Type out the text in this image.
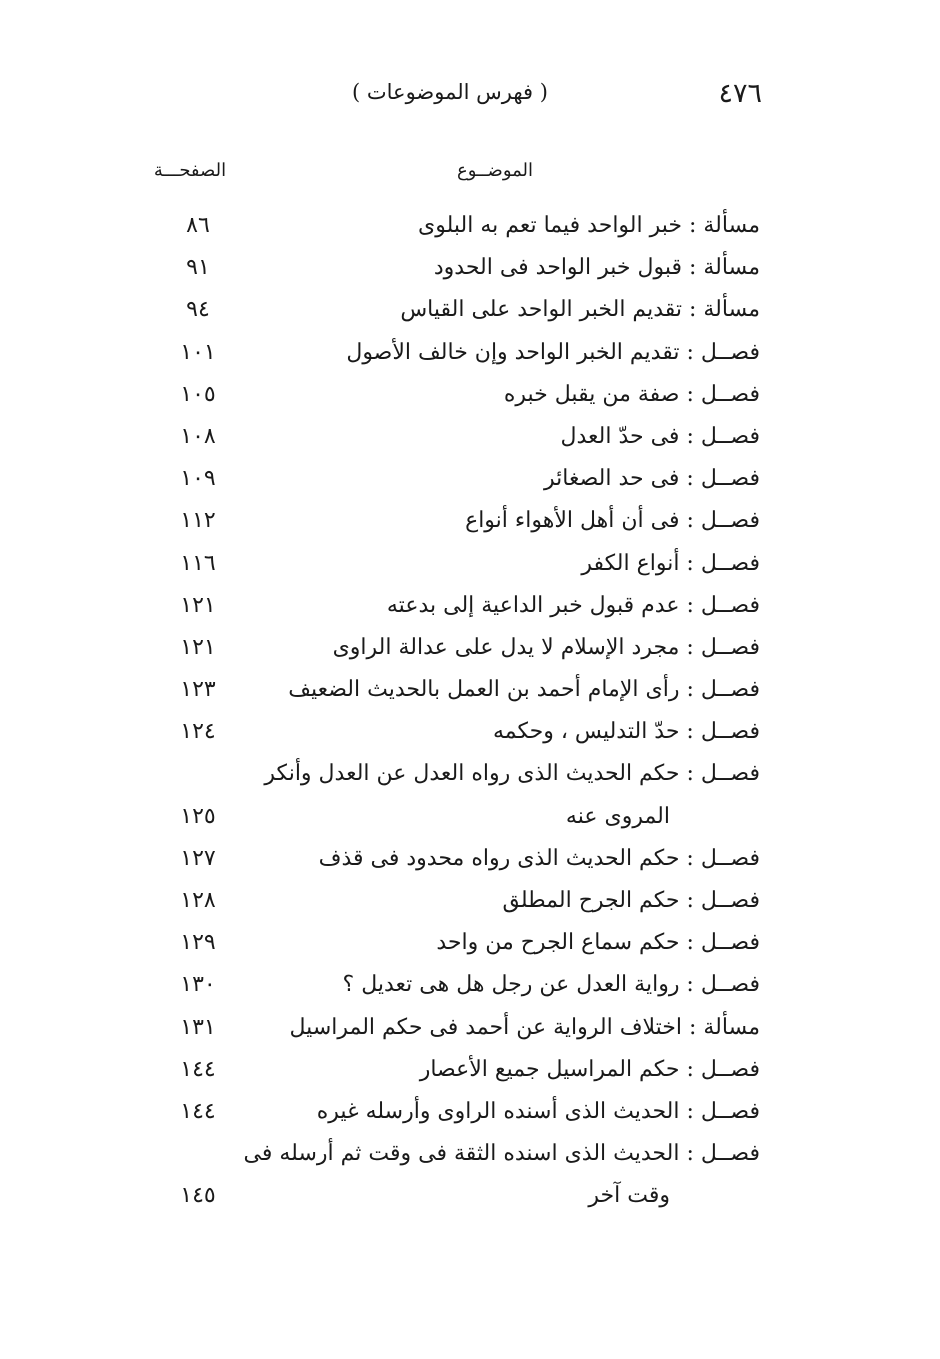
٤٧٦
( فهرس الموضوعات )
الموضــوع
الصفحـــة
مسألة : خبر الواحد فيما تعم به البلوى
٨٦
مسألة : قبول خبر الواحد فى الحدود
٩١
مسألة : تقديم الخبر الواحد على القياس
٩٤
فصــل : تقديم الخبر الواحد وإن خالف الأصول
١٠١
فصــل : صفة من يقبل خبره
١٠٥
فصــل : فى حدّ العدل
١٠٨
فصــل : فى حد الصغائر
١٠٩
فصــل : فى أن أهل الأهواء أنواع
١١٢
فصــل : أنواع الكفر
١١٦
فصــل : عدم قبول خبر الداعية إلى بدعته
١٢١
فصــل : مجرد الإسلام لا يدل على عدالة الراوى
١٢١
فصــل : رأى الإمام أحمد بن العمل بالحديث الضعيف
١٢٣
فصــل : حدّ التدليس ، وحكمه
١٢٤
فصــل : حكم الحديث الذى رواه العدل عن العدل وأنكر
المروى عنه
١٢٥
فصــل : حكم الحديث الذى رواه محدود فى قذف
١٢٧
فصــل : حكم الجرح المطلق
١٢٨
فصــل : حكم سماع الجرح من واحد
١٢٩
فصــل : رواية العدل عن رجل هل هى تعديل ؟
١٣٠
مسألة : اختلاف الرواية عن أحمد فى حكم المراسيل
١٣١
فصــل : حكم المراسيل جميع الأعصار
١٤٤
فصــل : الحديث الذى أسنده الراوى وأرسله غيره
١٤٤
فصــل : الحديث الذى اسنده الثقة فى وقت ثم أرسله فى
وقت آخر
١٤٥
